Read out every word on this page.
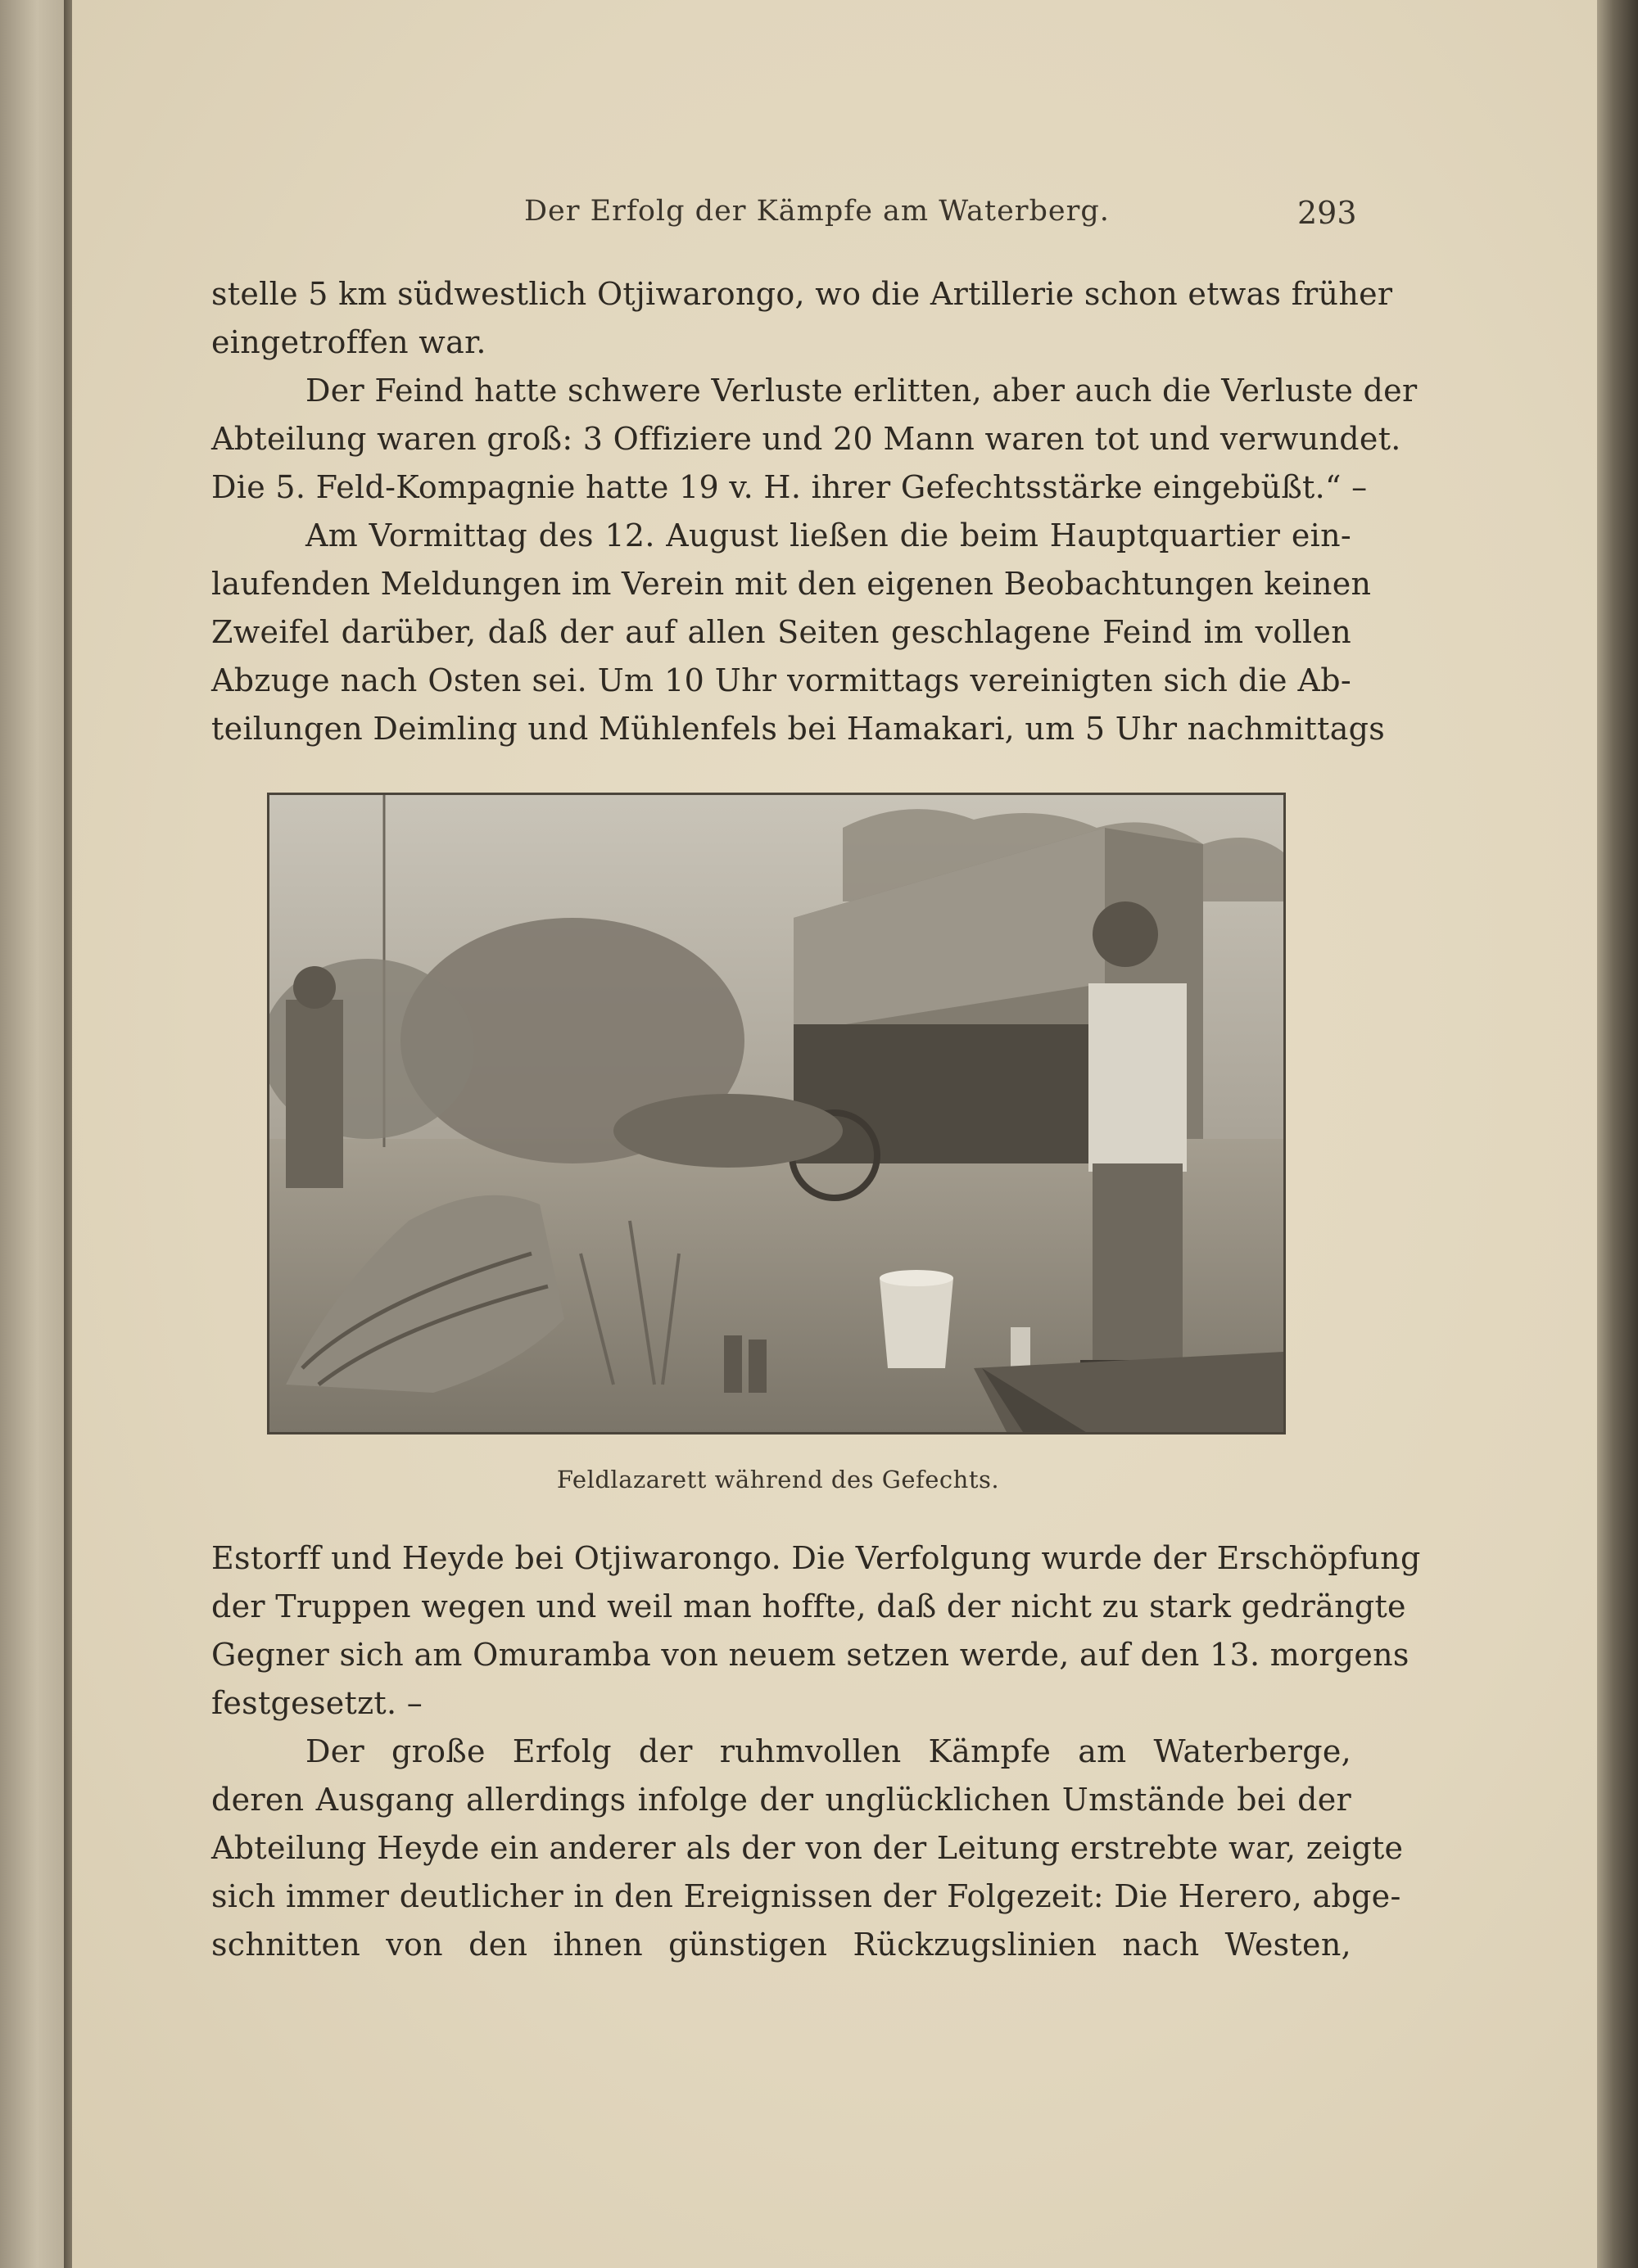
Der Erfolg der Kämpfe am Waterberg.	293
stelle 5 km südwestlich Otjiwarongo, wo die Artillerie schon etwas früher
eingetroffen war.
Der Feind hatte schwere Verluste erlitten, aber auch die Verluste der
Abteilung waren groß: 3 Offiziere und 20 Mann waren tot und verwundet.
Die 5. Feld-Kompagnie hatte 19 v. H. ihrer Gefechtsstärke eingebüßt.“ –
Am Vormittag des 12. August ließen die beim Hauptquartier ein-
laufenden Meldungen im Verein mit den eigenen Beobachtungen keinen
Zweifel darüber, daß der auf allen Seiten geschlagene Feind im vollen
Abzuge nach Osten sei. Um 10 Uhr vormittags vereinigten sich die Ab-
teilungen Deimling und Mühlenfels bei Hamakari, um 5 Uhr nachmittags
Feldlazarett während des Gefechts.
Estorff und Heyde bei Otjiwarongo. Die Verfolgung wurde der Erschöpfung
der Truppen wegen und weil man hoffte, daß der nicht zu stark gedrängte
Gegner sich am Omuramba von neuem setzen werde, auf den 13. morgens
festgesetzt. –
Der große Erfolg der ruhmvollen Kämpfe am Waterberge,
deren Ausgang allerdings infolge der unglücklichen Umstände bei der
Abteilung Heyde ein anderer als der von der Leitung erstrebte war, zeigte
sich immer deutlicher in den Ereignissen der Folgezeit: Die Herero, abge-
schnitten von den ihnen günstigen Rückzugslinien nach Westen,
